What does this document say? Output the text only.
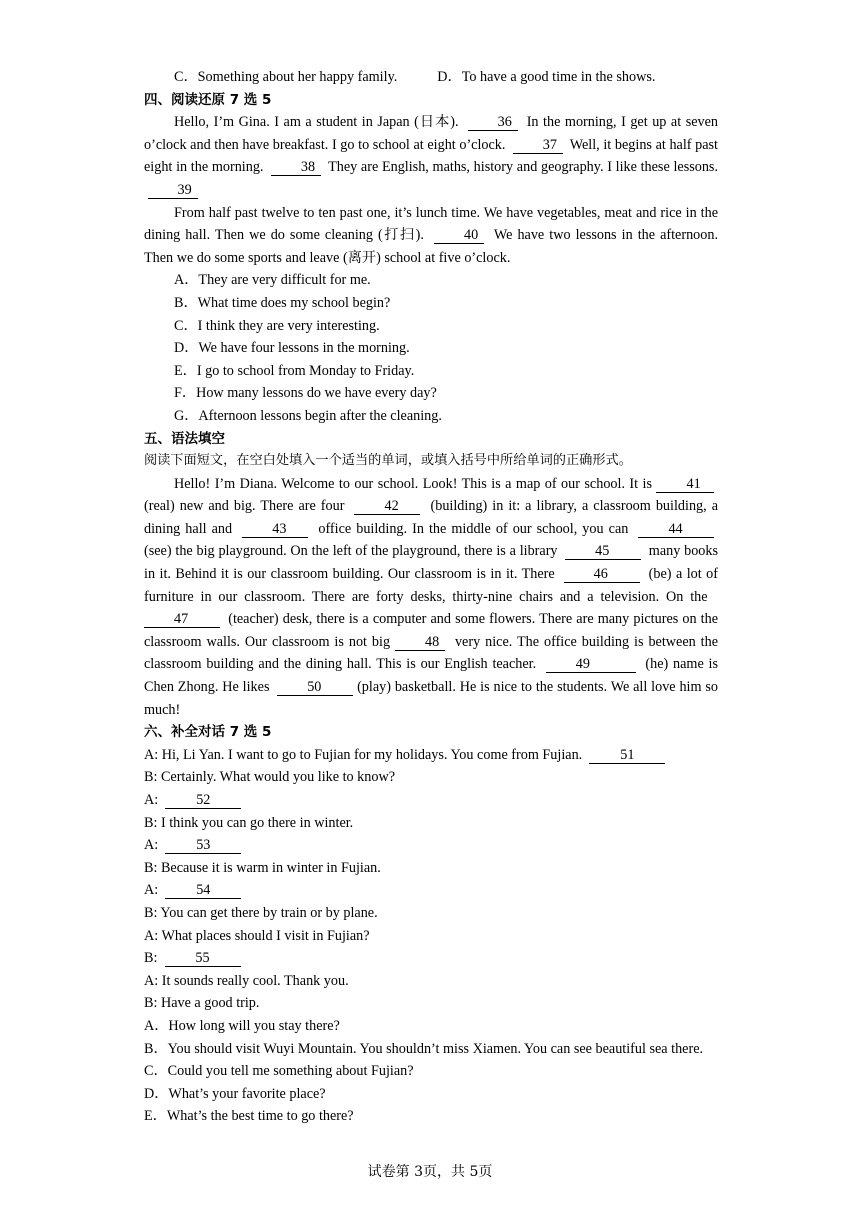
C．Something about her happy family.	D．To have a good time in the shows.
四、阅读还原 7 选 5
Hello, I’m Gina. I am a student in Japan (日本).	36 In the morning, I get up at seven o’clock and then have breakfast. I go to school at eight o’clock.	37 Well, it begins at half past eight in the morning.	38 They are English, maths, history and geography. I like these lessons.  39
From half past twelve to ten past one, it’s lunch time. We have vegetables, meat and rice in the dining hall. Then we do some cleaning (打扫).	40 We have two lessons in the afternoon. Then we do some sports and leave (离开) school at five o’clock.
A．They are very difficult for me.
B．What time does my school begin?
C．I think they are very interesting.
D．We have four lessons in the morning.
E．I go to school from Monday to Friday.
F．How many lessons do we have every day?
G．Afternoon lessons begin after the cleaning.
五、语法填空
阅读下面短文，在空白处填入一个适当的单词，或填入括号中所给单词的正确形式。
Hello! I’m Diana. Welcome to our school. Look! This is a map of our school. It is 41  (real) new and big. There are four	42 (building) in it: a library, a classroom building, a dining hall and	43 office building. In the middle of our school, you can	44  (see) the big playground. On the left of the playground, there is a library	45	many books in it. Behind it is our classroom building. Our classroom is in it. There	46	(be) a lot of furniture in our classroom. There are forty desks, thirty-nine chairs and a television. On the  47	(teacher) desk, there is a computer and some flowers. There are many pictures on the classroom walls. Our classroom is not big 48 very nice. The office building is between the classroom building and the dining hall. This is our English teacher.	49	(he) name is Chen Zhong. He likes	50	(play) basketball. He is nice to the students. We all love him so much!
六、补全对话 7 选 5
A: Hi, Li Yan. I want to go to Fujian for my holidays. You come from Fujian.	51
B: Certainly. What would you like to know?
A:	52
B: I think you can go there in winter.
A:	53
B: Because it is warm in winter in Fujian.
A:	54
B: You can get there by train or by plane.
A: What places should I visit in Fujian?
B:	55
A: It sounds really cool. Thank you.
B: Have a good trip.
A．How long will you stay there?
B．You should visit Wuyi Mountain. You shouldn’t miss Xiamen. You can see beautiful sea there.
C．Could you tell me something about Fujian?
D．What’s your favorite place?
E．What’s the best time to go there?
试卷第 3页，共 5页
